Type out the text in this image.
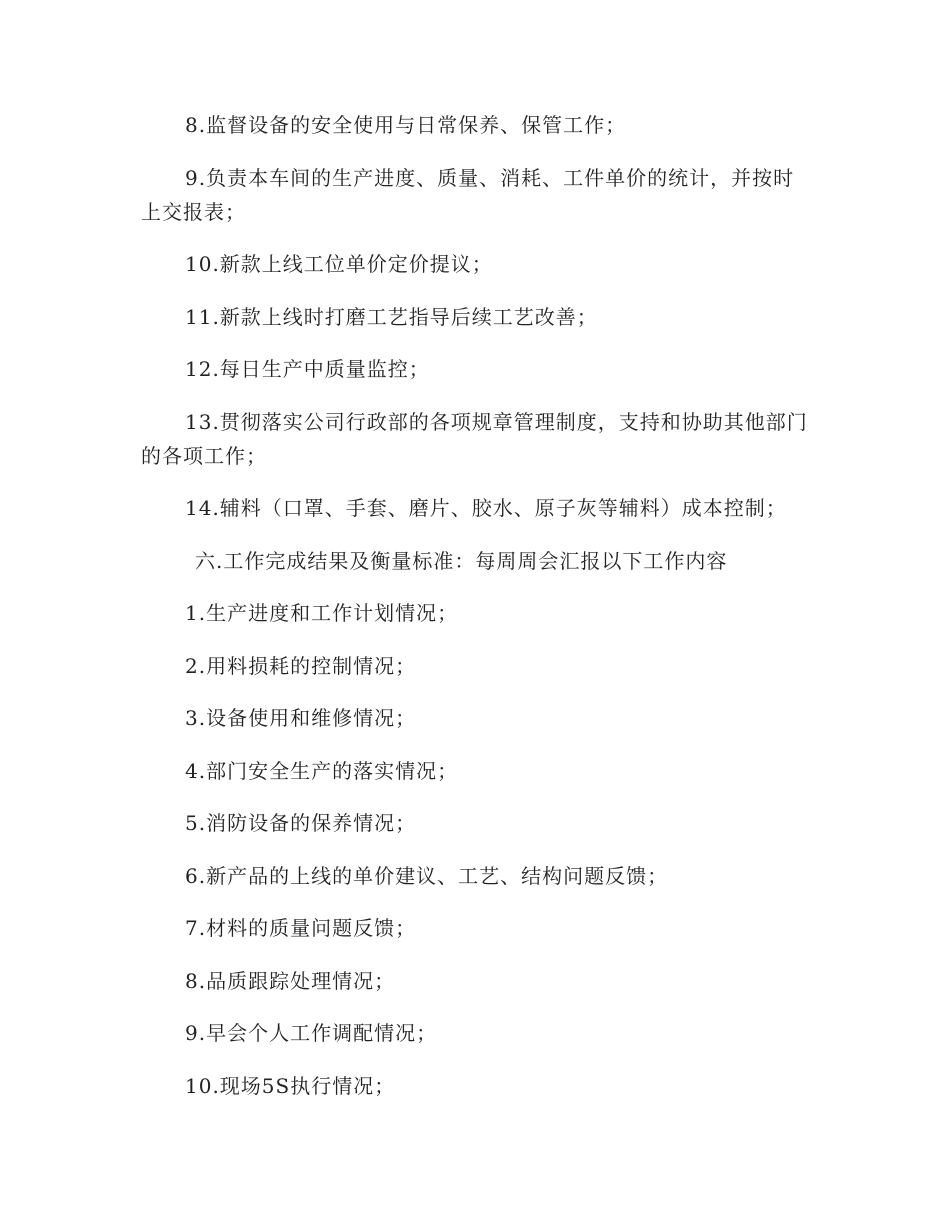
8.监督设备的安全使用与日常保养、保管工作；

9.负责本车间的生产进度、质量、消耗、工件单价的统计，并按时上交报表；

10.新款上线工位单价定价提议；

11.新款上线时打磨工艺指导后续工艺改善；

12.每日生产中质量监控；

13.贯彻落实公司行政部的各项规章管理制度，支持和协助其他部门的各项工作；

14.辅料（口罩、手套、磨片、胶水、原子灰等辅料）成本控制；

六.工作完成结果及衡量标准：每周周会汇报以下工作内容

1.生产进度和工作计划情况；

2.用料损耗的控制情况；

3.设备使用和维修情况；

4.部门安全生产的落实情况；

5.消防设备的保养情况；

6.新产品的上线的单价建议、工艺、结构问题反馈；

7.材料的质量问题反馈；

8.品质跟踪处理情况；

9.早会个人工作调配情况；

10.现场5S执行情况；
